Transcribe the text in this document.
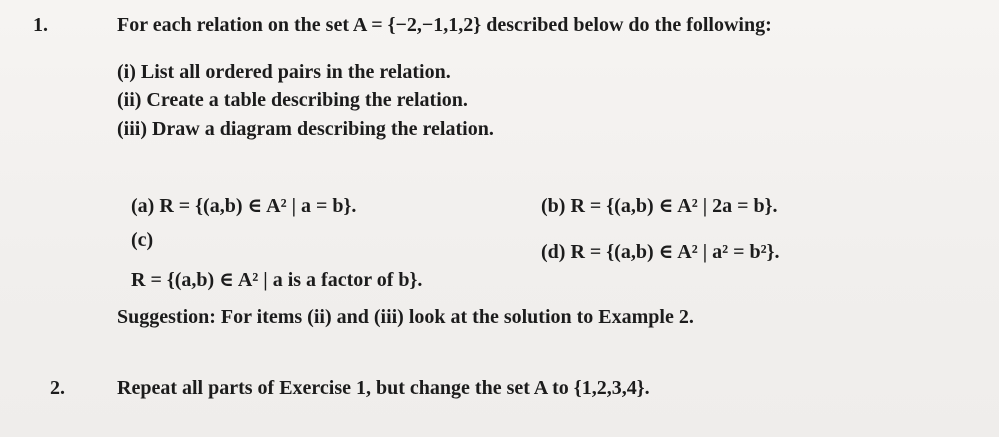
1.	For each relation on the set A = {−2,−1,1,2} described below do the following:
(i) List all ordered pairs in the relation.
(ii) Create a table describing the relation.
(iii) Draw a diagram describing the relation.
(a) R = {(a,b) ∈ A² | a = b}.	(b) R = {(a,b) ∈ A² | 2a = b}.
(c)
(d) R = {(a,b) ∈ A² | a² = b²}.
R = {(a,b) ∈ A² | a is a factor of b}.
Suggestion: For items (ii) and (iii) look at the solution to Example 2.
2.	Repeat all parts of Exercise 1, but change the set A to {1,2,3,4}.
